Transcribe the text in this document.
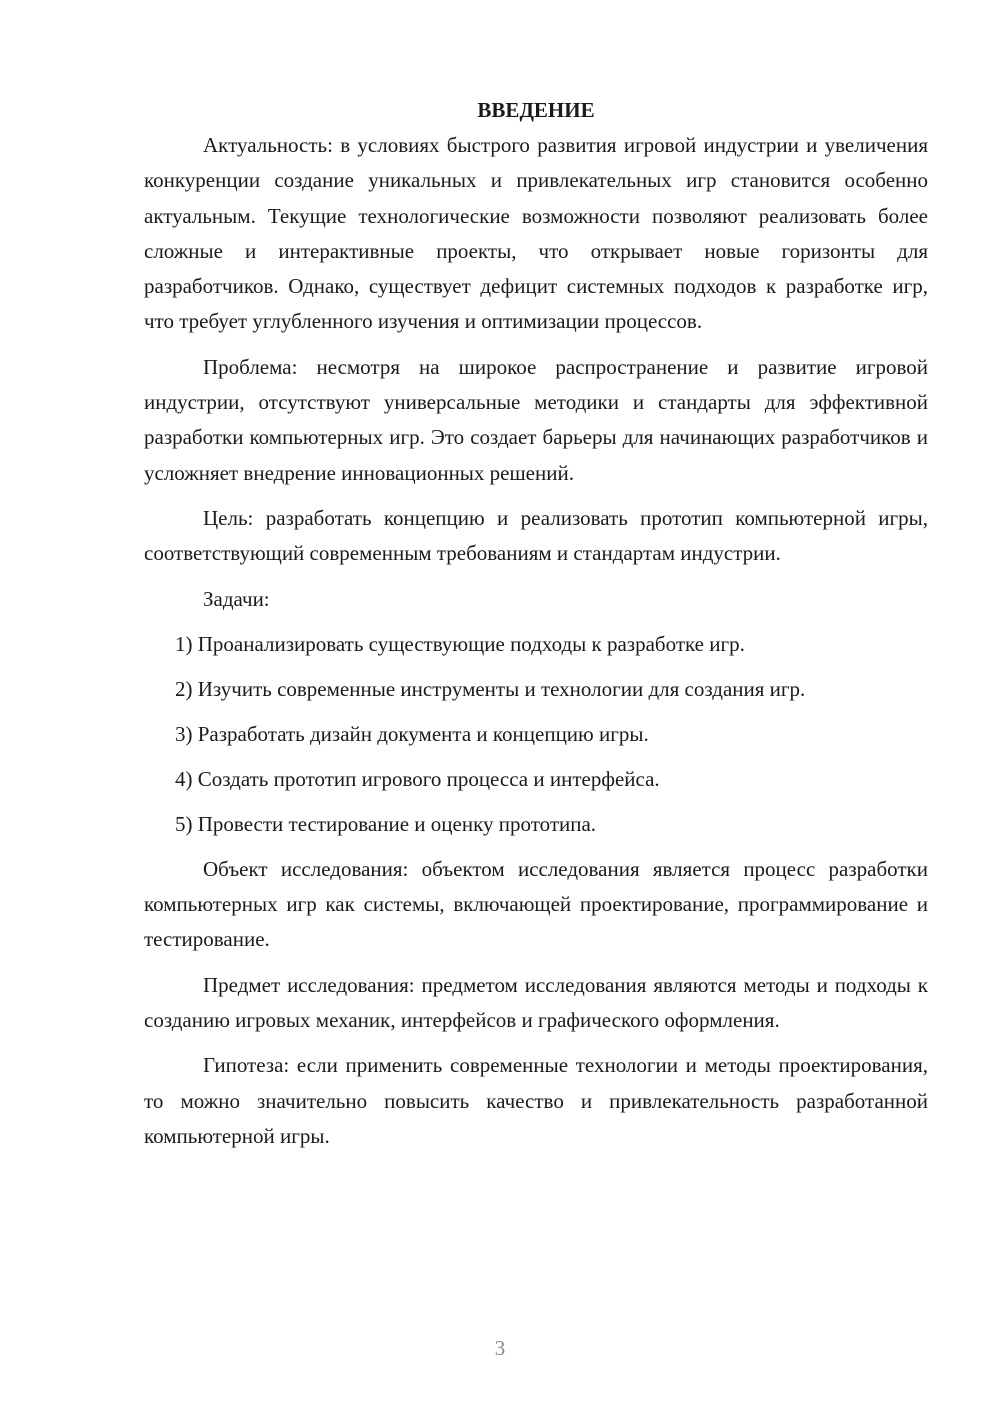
ВВЕДЕНИЕ

Актуальность: в условиях быстрого развития игровой индустрии и увеличения конкуренции создание уникальных и привлекательных игр становится особенно актуальным. Текущие технологические возможности позволяют реализовать более сложные и интерактивные проекты, что открывает новые горизонты для разработчиков. Однако, существует дефицит системных подходов к разработке игр, что требует углубленного изучения и оптимизации процессов.

Проблема: несмотря на широкое распространение и развитие игровой индустрии, отсутствуют универсальные методики и стандарты для эффективной разработки компьютерных игр. Это создает барьеры для начинающих разработчиков и усложняет внедрение инновационных решений.

Цель: разработать концепцию и реализовать прототип компьютерной игры, соответствующий современным требованиям и стандартам индустрии.

Задачи:

1) Проанализировать существующие подходы к разработке игр.

2) Изучить современные инструменты и технологии для создания игр.

3) Разработать дизайн документа и концепцию игры.

4) Создать прототип игрового процесса и интерфейса.

5) Провести тестирование и оценку прототипа.

Объект исследования: объектом исследования является процесс разработки компьютерных игр как системы, включающей проектирование, программирование и тестирование.

Предмет исследования: предметом исследования являются методы и подходы к созданию игровых механик, интерфейсов и графического оформления.

Гипотеза: если применить современные технологии и методы проектирования, то можно значительно повысить качество и привлекательность разработанной компьютерной игры.

3
